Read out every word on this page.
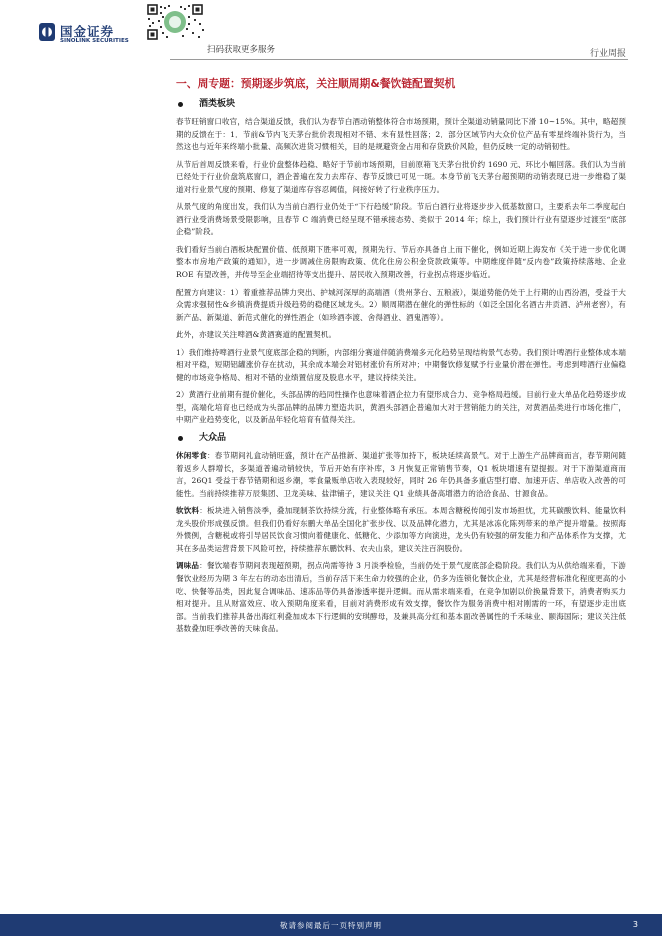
国金证券
SINOLINK SECURITIES
扫码获取更多服务	行业周报
一、周专题：预期逐步筑底，关注顺周期&餐饮链配置契机
酒类板块

春节旺销窗口收官，结合渠道反馈，我们认为春节白酒动销整体符合市场预期，预计全渠道动销量同比下滑 10~15%。其中，略超预期的反馈在于：1．节前&节内飞天茅台批价表现相对不错、未有显性回落；2．部分区域节内大众价位产品有零星终端补货行为，当然这也与近年来终端小批量、高频次进货习惯相关，目的是规避资金占用和存货跌价风险，但仍反映一定的动销韧性。

从节后首周反馈来看，行业价盘整体趋稳、略好于节前市场预期，目前原箱飞天茅台批价约 1690 元、环比小幅回落。我们认为当前已经处于行业价盘筑底窗口，酒企普遍在发力去库存、春节反馈已可见一斑。本身节前飞天茅台超预期的动销表现已进一步维稳了渠道对行业景气度的预期、修复了渠道库存容忍阈值，间接好转了行业秩序压力。

从景气度的角度出发，我们认为当前白酒行业仍处于“下行趋缓”阶段。节后白酒行业将逐步步入低基数窗口，主要系去年二季度起白酒行业受消费场景受限影响，且春节 C 端消费已经呈现不错承接态势、类似于 2014 年；综上，我们预计行业有望逐步过渡至“底部企稳”阶段。

我们看好当前白酒板块配置价值、低预期下胜率可观，预期先行、节后亦具备自上而下催化，例如近期上海发布《关于进一步优化调整本市房地产政策的通知》，进一步调减住房限购政策、优化住房公积金贷款政策等。中期维度伴随“反内卷”政策持续落地、企业 ROE 有望改善，并传导至企业端招待等支出提升、居民收入预期改善，行业拐点将逐步临近。

配置方向建议：1）着重推荐品牌力突出、护城河深厚的高端酒（贵州茅台、五粮液），渠道势能仍处于上行期的山西汾酒，受益于大众需求强韧性&乡镇消费提质升级趋势的稳健区域龙头。2）顺周期潜在催化的弹性标的（如泛全国化名酒古井贡酒、泸州老窖），有新产品、新渠道、新范式催化的弹性酒企（如珍酒李渡、舍得酒业、酒鬼酒等）。

此外，亦建议关注啤酒&黄酒赛道的配置契机。

1）我们维持啤酒行业景气度底部企稳的判断，内部细分赛道伴随消费端多元化趋势呈现结构景气态势。我们预计啤酒行业整体成本端相对平稳，短期铝罐涨价存在扰动，其余成本端会对铝材涨价有所对冲；中期餐饮修复赋予行业量价潜在弹性。考虑到啤酒行业偏稳健的市场竞争格局、相对不错的业绩置信度及股息水平，建议持续关注。

2）黄酒行业前期有提价催化，头部品牌的趋同性操作也意味着酒企拉力有望形成合力、竞争格局趋缓。目前行业大单品化趋势逐步成型，高端化培育也已经成为头部品牌的品牌力塑造共识，黄酒头部酒企普遍加大对于营销能力的关注，对黄酒品类进行市场化推广，中期产业趋势变化，以及新品年轻化培育有值得关注。

大众品

休闲零食：春节期间礼盒动销旺盛，预计在产品推新、渠道扩张等加持下，板块延续高景气。对于上游生产品牌商而言，春节期间随着返乡人群增长，多渠道普遍动销较快，节后开始有序补库，3 月恢复正常销售节奏，Q1 板块增速有望提振。对于下游渠道商而言，26Q1 受益于春节错期和返乡潮，零食量贩单店收入表现较好，同时 26 年仍具备多重店型打磨、加速开店、单店收入改善的可能性。当前持续推荐万辰集团、卫龙美味、盐津铺子，建议关注 Q1 业绩具备高增潜力的洽洽食品、甘源食品。

软饮料：板块进入销售淡季，叠加现制茶饮持续分流，行业整体略有承压。本周含糖税传闻引发市场担忧，尤其碳酸饮料、能量饮料龙头股价形成强反馈。但我们仍看好东鹏大单品全国化扩张步伐、以及品牌化潜力，尤其是冰冻化陈列带来的单产提升增量。按照海外惯例，含糖税或将引导居民饮食习惯向着健康化、低糖化、少添加等方向演进，龙头仍有较强的研发能力和产品体系作为支撑，尤其在多品类运营背景下风险可控，持续推荐东鹏饮料、农夫山泉，建议关注百润股份。

调味品：餐饮端春节期间表现超预期，拐点尚需等待 3 月淡季检验，当前仍处于景气度底部企稳阶段。我们认为从供给端来看，下游餐饮业经历为期 3 年左右的动态出清后，当前存活下来生命力较强的企业，仍多为连锁化餐饮企业，尤其是经营标准化程度更高的小吃、快餐等品类，因此复合调味品、速冻品等仍具备渗透率提升逻辑。而从需求端来看，在竞争加剧以价换量背景下，消费者购买力相对提升。且从财富效应、收入预期角度来看，目前对消费形成有效支撑，餐饮作为服务消费中相对刚需的一环，有望逐步走出底部。当前我们推荐具备出海红利叠加成本下行逻辑的安琪酵母，及兼具高分红和基本面改善属性的千禾味业、颐海国际；建议关注低基数叠加旺季改善的天味食品。

敬请参阅最后一页特别声明	3
